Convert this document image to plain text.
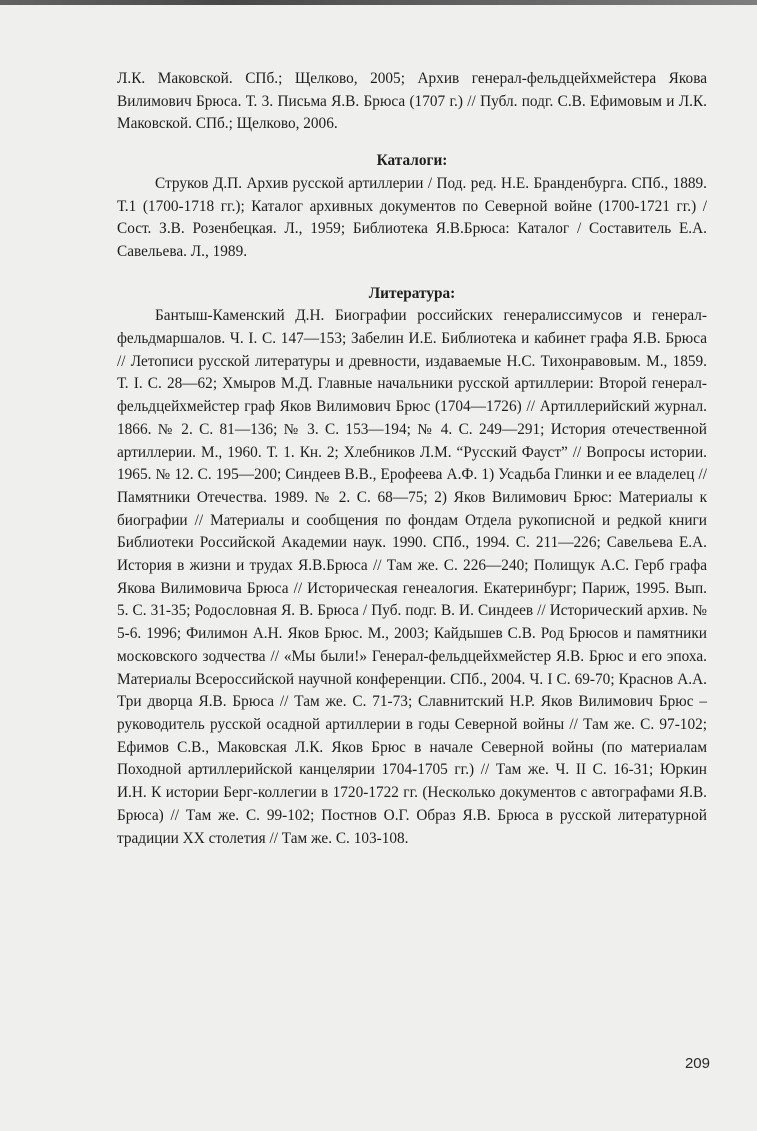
Л.К. Маковской. СПб.; Щелково, 2005; Архив генерал-фельдцейхмейстера Якова Вилимович Брюса. Т. 3. Письма Я.В. Брюса (1707 г.) // Публ. подг. С.В. Ефимовым и Л.К. Маковской. СПб.; Щелково, 2006.

Каталоги:

Струков Д.П. Архив русской артиллерии / Под. ред. Н.Е. Бранденбурга. СПб., 1889. Т.1 (1700-1718 гг.); Каталог архивных документов по Северной войне (1700-1721 гг.) / Сост. З.В. Розенбецкая. Л., 1959; Библиотека Я.В.Брюса: Каталог / Составитель Е.А. Савельева. Л., 1989.

Литература:

Бантыш-Каменский Д.Н. Биографии российских генералиссимусов и генерал-фельдмаршалов. Ч. I. С. 147—153; Забелин И.Е. Библиотека и кабинет графа Я.В. Брюса // Летописи русской литературы и древности, издаваемые Н.С. Тихонравовым. М., 1859. Т. I. С. 28—62; Хмыров М.Д. Главные начальники русской артиллерии: Второй генерал-фельдцейхмейстер граф Яков Вилимович Брюс (1704—1726) // Артиллерийский журнал. 1866. № 2. С. 81—136; № 3. С. 153—194; № 4. С. 249—291; История отечественной артиллерии. М., 1960. Т. 1. Кн. 2; Хлебников Л.М. “Русский Фауст” // Вопросы истории. 1965. № 12. С. 195—200; Синдеев В.В., Ерофеева А.Ф. 1) Усадьба Глинки и ее владелец // Памятники Отечества. 1989. № 2. С. 68—75; 2) Яков Вилимович Брюс: Материалы к биографии // Материалы и сообщения по фондам Отдела рукописной и редкой книги Библиотеки Российской Академии наук. 1990. СПб., 1994. С. 211—226; Савельева Е.А. История в жизни и трудах Я.В.Брюса // Там же. С. 226—240; Полищук А.С. Герб графа Якова Вилимовича Брюса // Историческая генеалогия. Екатеринбург; Париж, 1995. Вып. 5. С. 31-35; Родословная Я. В. Брюса / Пуб. подг. В. И. Синдеев // Исторический архив. № 5-6. 1996; Филимон А.Н. Яков Брюс. М., 2003; Кайдышев С.В. Род Брюсов и памятники московского зодчества // «Мы были!» Генерал-фельдцейхмейстер Я.В. Брюс и его эпоха. Материалы Всероссийской научной конференции. СПб., 2004. Ч. I С. 69-70; Краснов А.А. Три дворца Я.В. Брюса // Там же. С. 71-73; Славнитский Н.Р. Яков Вилимович Брюс – руководитель русской осадной артиллерии в годы Северной войны // Там же. С. 97-102; Ефимов С.В., Маковская Л.К. Яков Брюс в начале Северной войны (по материалам Походной артиллерийской канцелярии 1704-1705 гг.) // Там же. Ч. II С. 16-31; Юркин И.Н. К истории Берг-коллегии в 1720-1722 гг. (Несколько документов с автографами Я.В. Брюса) // Там же. С. 99-102; Постнов О.Г. Образ Я.В. Брюса в русской литературной традиции XX столетия // Там же. С. 103-108.

209
